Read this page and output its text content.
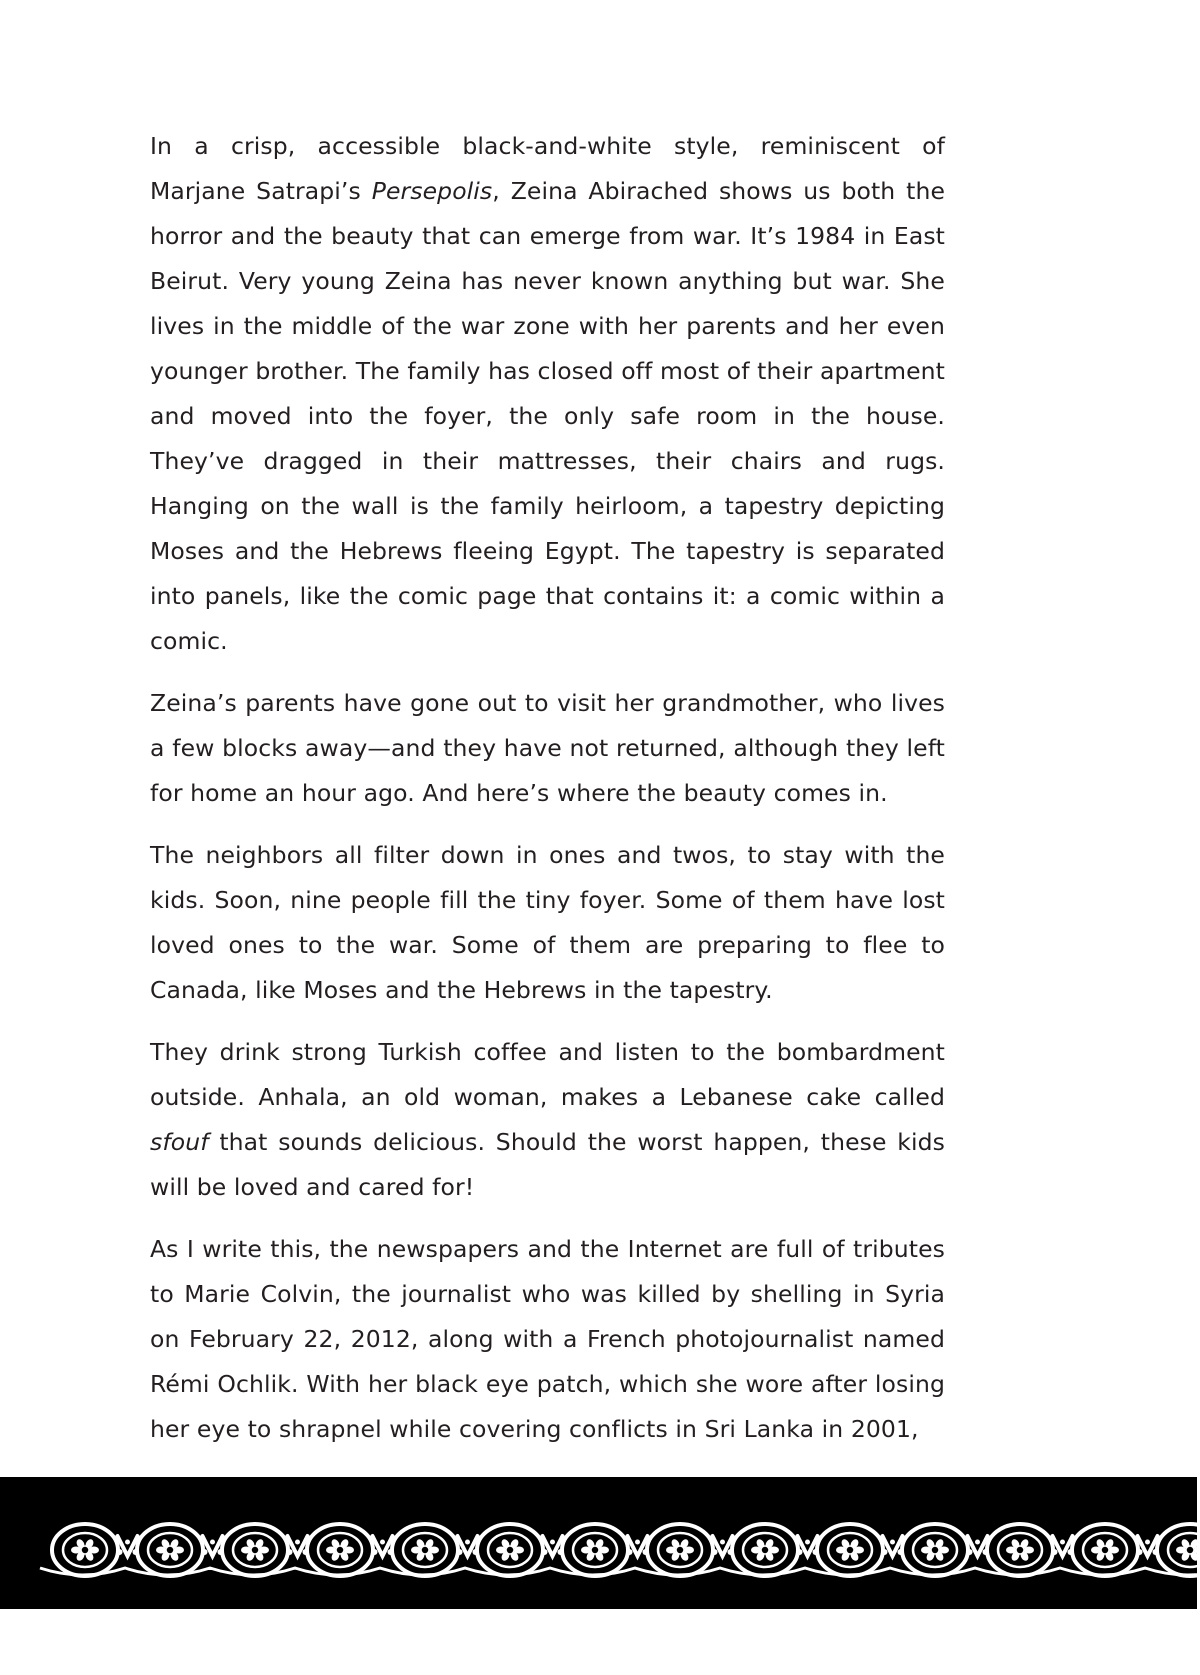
In a crisp, accessible black-and-white style, reminiscent of Marjane Satrapi’s Persepolis, Zeina Abirached shows us both the horror and the beauty that can emerge from war. It’s 1984 in East Beirut. Very young Zeina has never known anything but war. She lives in the middle of the war zone with her parents and her even younger brother. The family has closed off most of their apartment and moved into the foyer, the only safe room in the house. They’ve dragged in their mattresses, their chairs and rugs. Hanging on the wall is the family heirloom, a tapestry depicting Moses and the Hebrews fleeing Egypt. The tapestry is separated into panels, like the comic page that contains it: a comic within a comic.

Zeina’s parents have gone out to visit her grandmother, who lives a few blocks away—and they have not returned, although they left for home an hour ago. And here’s where the beauty comes in.

The neighbors all filter down in ones and twos, to stay with the kids. Soon, nine people fill the tiny foyer. Some of them have lost loved ones to the war. Some of them are preparing to flee to Canada, like Moses and the Hebrews in the tapestry.

They drink strong Turkish coffee and listen to the bombardment outside. Anhala, an old woman, makes a Lebanese cake called sfouf that sounds delicious. Should the worst happen, these kids will be loved and cared for!

As I write this, the newspapers and the Internet are full of tributes to Marie Colvin, the journalist who was killed by shelling in Syria on February 22, 2012, along with a French photojournalist named Rémi Ochlik. With her black eye patch, which she wore after losing her eye to shrapnel while covering conflicts in Sri Lanka in 2001,
